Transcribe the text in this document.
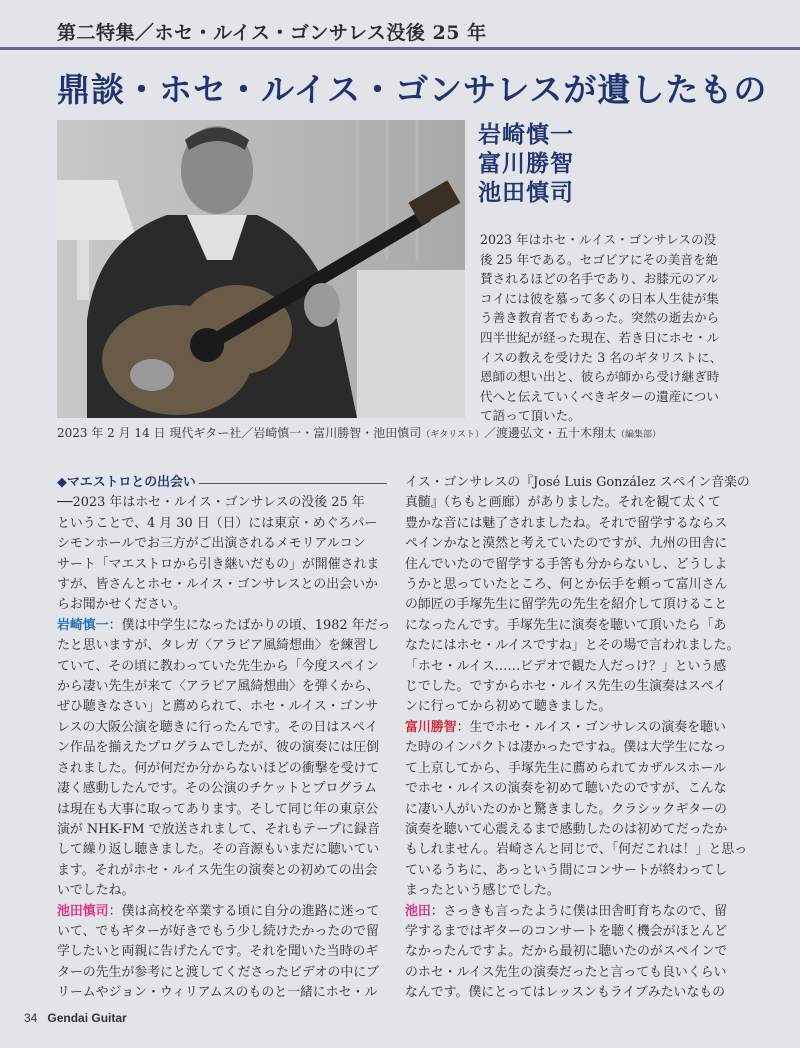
第二特集／ホセ・ルイス・ゴンサレス没後 25 年
鼎談・ホセ・ルイス・ゴンサレスが遺したもの
岩崎慎一
富川勝智
池田慎司
2023 年はホセ・ルイス・ゴンサレスの没
後 25 年である。セゴビアにその美音を絶
賛されるほどの名手であり、お膝元のアル
コイには彼を慕って多くの日本人生徒が集
う善き教育者でもあった。突然の逝去から
四半世紀が経った現在、若き日にホセ・ル
イスの教えを受けた 3 名のギタリストに、
恩師の想い出と、彼らが師から受け継ぎ時
代へと伝えていくべきギターの遺産につい
て語って頂いた。
2023 年 2 月 14 日 現代ギター社／岩崎慎一・富川勝智・池田慎司（ギタリスト）／渡邊弘文・五十木翔太（編集部）
◆マエストロとの出会い
──2023 年はホセ・ルイス・ゴンサレスの没後 25 年
ということで、4 月 30 日（日）には東京・めぐろパー
シモンホールでお三方がご出演されるメモリアルコン
サート「マエストロから引き継いだもの」が開催されま
すが、皆さんとホセ・ルイス・ゴンサレスとの出会いか
らお聞かせください。
岩崎慎一：僕は中学生になったばかりの頃、1982 年だっ
たと思いますが、タレガ〈アラビア風綺想曲〉を練習し
ていて、その頃に教わっていた先生から「今度スペイン
から凄い先生が来て〈アラビア風綺想曲〉を弾くから、
ぜひ聴きなさい」と薦められて、ホセ・ルイス・ゴンサ
レスの大阪公演を聴きに行ったんです。その日はスペイ
ン作品を揃えたプログラムでしたが、彼の演奏には圧倒
されました。何が何だか分からないほどの衝撃を受けて
凄く感動したんです。その公演のチケットとプログラム
は現在も大事に取ってあります。そして同じ年の東京公
演が NHK-FM で放送されまして、それもテープに録音
して繰り返し聴きました。その音源もいまだに聴いてい
ます。それがホセ・ルイス先生の演奏との初めての出会
いでしたね。
池田慎司：僕は高校を卒業する頃に自分の進路に迷って
いて、でもギターが好きでもう少し続けたかったので留
学したいと両親に告げたんです。それを聞いた当時のギ
ターの先生が参考にと渡してくださったビデオの中にブ
リームやジョン・ウィリアムスのものと一緒にホセ・ル
イス・ゴンサレスの『José Luis González スペイン音楽の
真髄』（ちもと画廊）がありました。それを観て太くて
豊かな音には魅了されましたね。それで留学するならス
ペインかなと漠然と考えていたのですが、九州の田舎に
住んでいたので留学する手筈も分からないし、どうしよ
うかと思っていたところ、何とか伝手を頼って富川さん
の師匠の手塚先生に留学先の先生を紹介して頂けること
になったんです。手塚先生に演奏を聴いて頂いたら「あ
なたにはホセ・ルイスですね」とその場で言われました。
「ホセ・ルイス……ビデオで観た人だっけ？」という感
じでした。ですからホセ・ルイス先生の生演奏はスペイ
ンに行ってから初めて聴きました。
富川勝智：生でホセ・ルイス・ゴンサレスの演奏を聴い
た時のインパクトは凄かったですね。僕は大学生になっ
て上京してから、手塚先生に薦められてカザルスホール
でホセ・ルイスの演奏を初めて聴いたのですが、こんな
に凄い人がいたのかと驚きました。クラシックギターの
演奏を聴いて心震えるまで感動したのは初めてだったか
もしれません。岩崎さんと同じで、「何だこれは！」と思っ
ているうちに、あっという間にコンサートが終わってし
まったという感じでした。
池田：さっきも言ったように僕は田舎町育ちなので、留
学するまではギターのコンサートを聴く機会がほとんど
なかったんですよ。だから最初に聴いたのがスペインで
のホセ・ルイス先生の演奏だったと言っても良いくらい
なんです。僕にとってはレッスンもライブみたいなもの
34 Gendai Guitar
